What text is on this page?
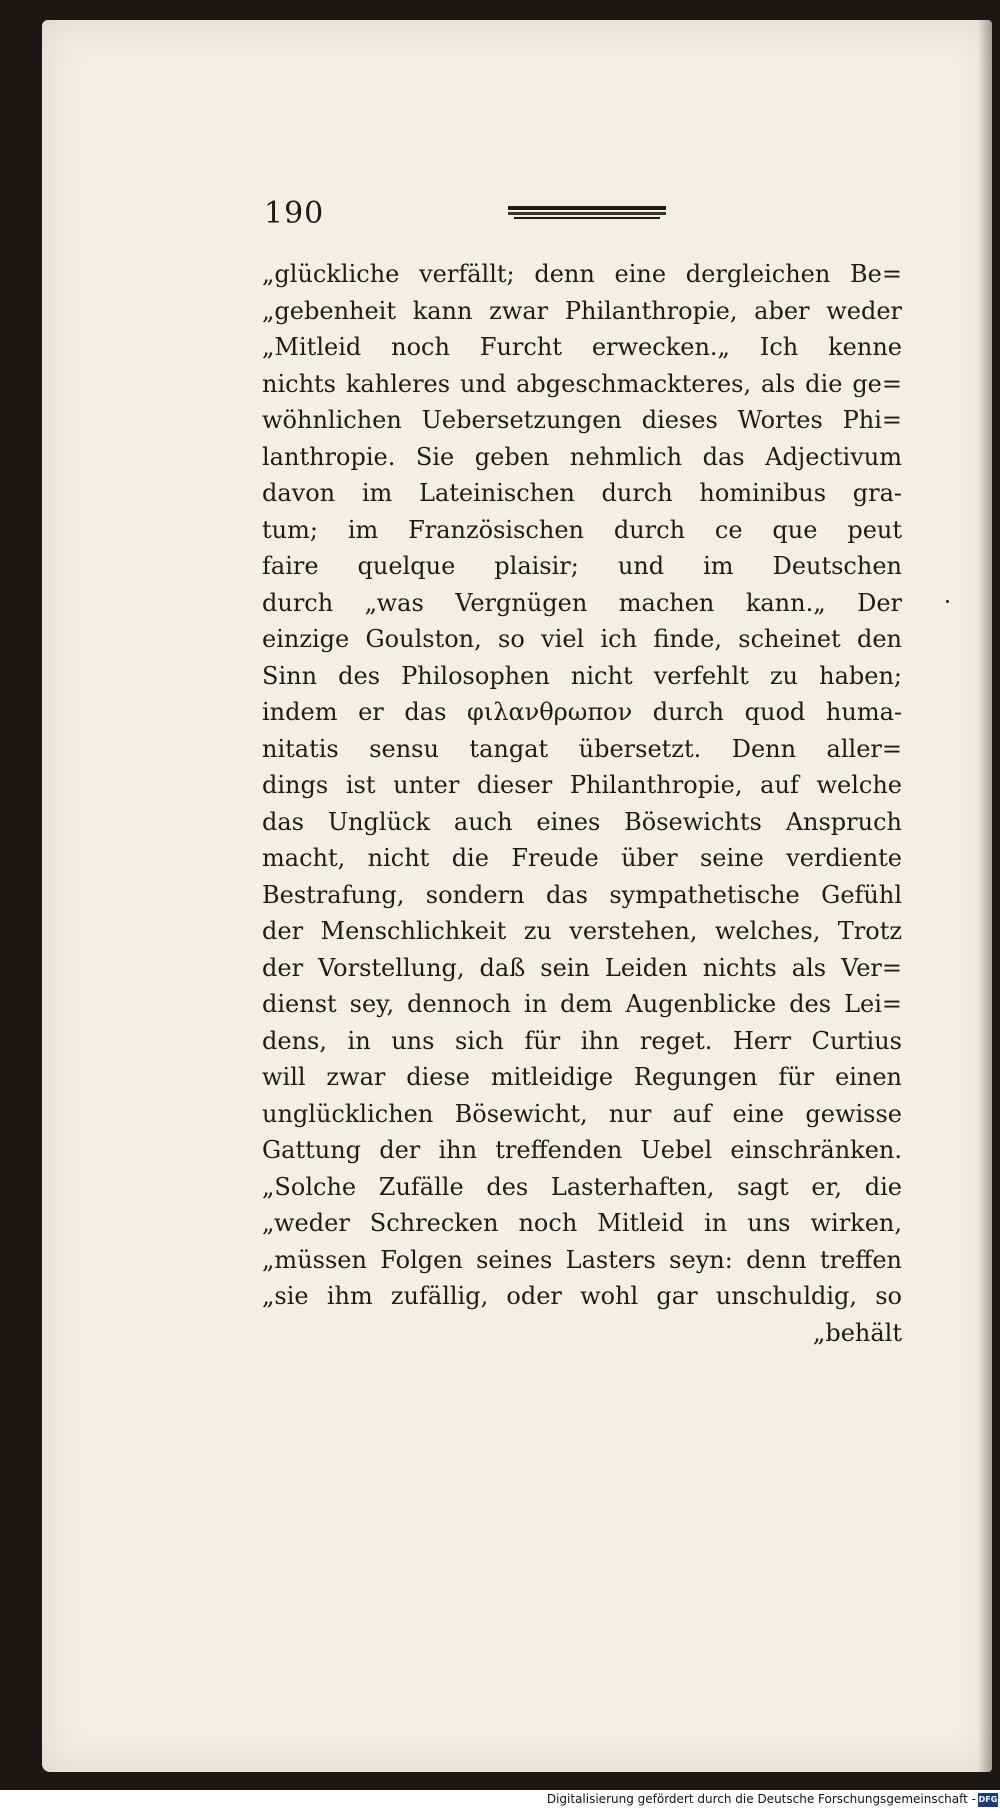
190
„glückliche verfällt; denn eine dergleichen Be=
„gebenheit kann zwar Philanthropie, aber weder
„Mitleid noch Furcht erwecken.„ Ich kenne
nichts kahleres und abgeschmackteres, als die ge=
wöhnlichen Uebersetzungen dieses Wortes Phi=
lanthropie. Sie geben nehmlich das Adjectivum
davon im Lateinischen durch hominibus gra-
tum; im Französischen durch ce que peut
faire quelque plaisir; und im Deutschen
durch „was Vergnügen machen kann.„ Der
einzige Goulston, so viel ich finde, scheinet den
Sinn des Philosophen nicht verfehlt zu haben;
indem er das φιλανθρωπον durch quod huma-
nitatis sensu tangat übersetzt. Denn aller=
dings ist unter dieser Philanthropie, auf welche
das Unglück auch eines Bösewichts Anspruch
macht, nicht die Freude über seine verdiente
Bestrafung, sondern das sympathetische Gefühl
der Menschlichkeit zu verstehen, welches, Trotz
der Vorstellung, daß sein Leiden nichts als Ver=
dienst sey, dennoch in dem Augenblicke des Lei=
dens, in uns sich für ihn reget. Herr Curtius
will zwar diese mitleidige Regungen für einen
unglücklichen Bösewicht, nur auf eine gewisse
Gattung der ihn treffenden Uebel einschränken.
„Solche Zufälle des Lasterhaften, sagt er, die
„weder Schrecken noch Mitleid in uns wirken,
„müssen Folgen seines Lasters seyn: denn treffen
„sie ihm zufällig, oder wohl gar unschuldig, so
„behält
Digitalisierung gefördert durch die Deutsche Forschungsgemeinschaft - DFG
